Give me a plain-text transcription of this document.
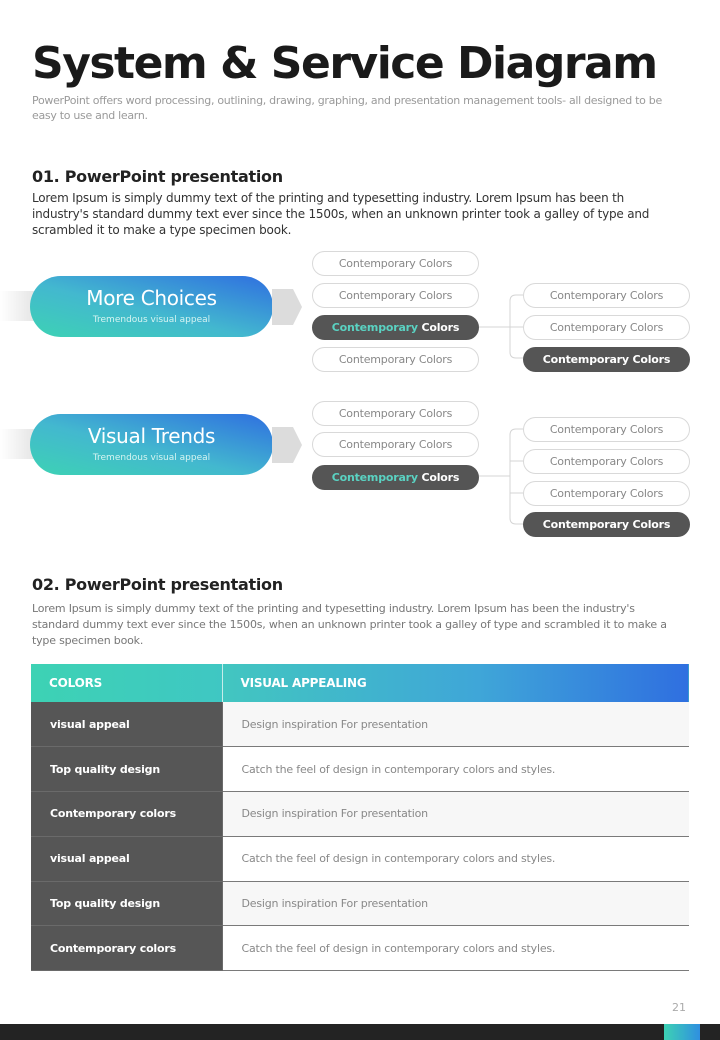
System & Service Diagram
PowerPoint offers word processing, outlining, drawing, graphing, and presentation management tools- all designed to be easy to use and learn.
01. PowerPoint presentation
Lorem Ipsum is simply dummy text of the printing and typesetting industry. Lorem Ipsum has been th industry's standard dummy text ever since the 1500s, when an unknown printer took a galley of type and scrambled it to make a type specimen book.
More Choices
Tremendous visual appeal
Contemporary Colors
Contemporary Colors
Contemporary Colors
Contemporary Colors
Contemporary Colors
Contemporary Colors
Contemporary Colors
Visual Trends
Tremendous visual appeal
Contemporary Colors
Contemporary Colors
Contemporary Colors
Contemporary Colors
Contemporary Colors
Contemporary Colors
Contemporary Colors
02. PowerPoint presentation
Lorem Ipsum is simply dummy text of the printing and typesetting industry. Lorem Ipsum has been the industry's standard dummy text ever since the 1500s, when an unknown printer took a galley of type and scrambled it to make a type specimen book.
COLORS	VISUAL APPEALING
visual appeal	Design inspiration For presentation
Top quality design	Catch the feel of design in contemporary colors and styles.
Contemporary colors	Design inspiration For presentation
visual appeal	Catch the feel of design in contemporary colors and styles.
Top quality design	Design inspiration For presentation
Contemporary colors	Catch the feel of design in contemporary colors and styles.
21
